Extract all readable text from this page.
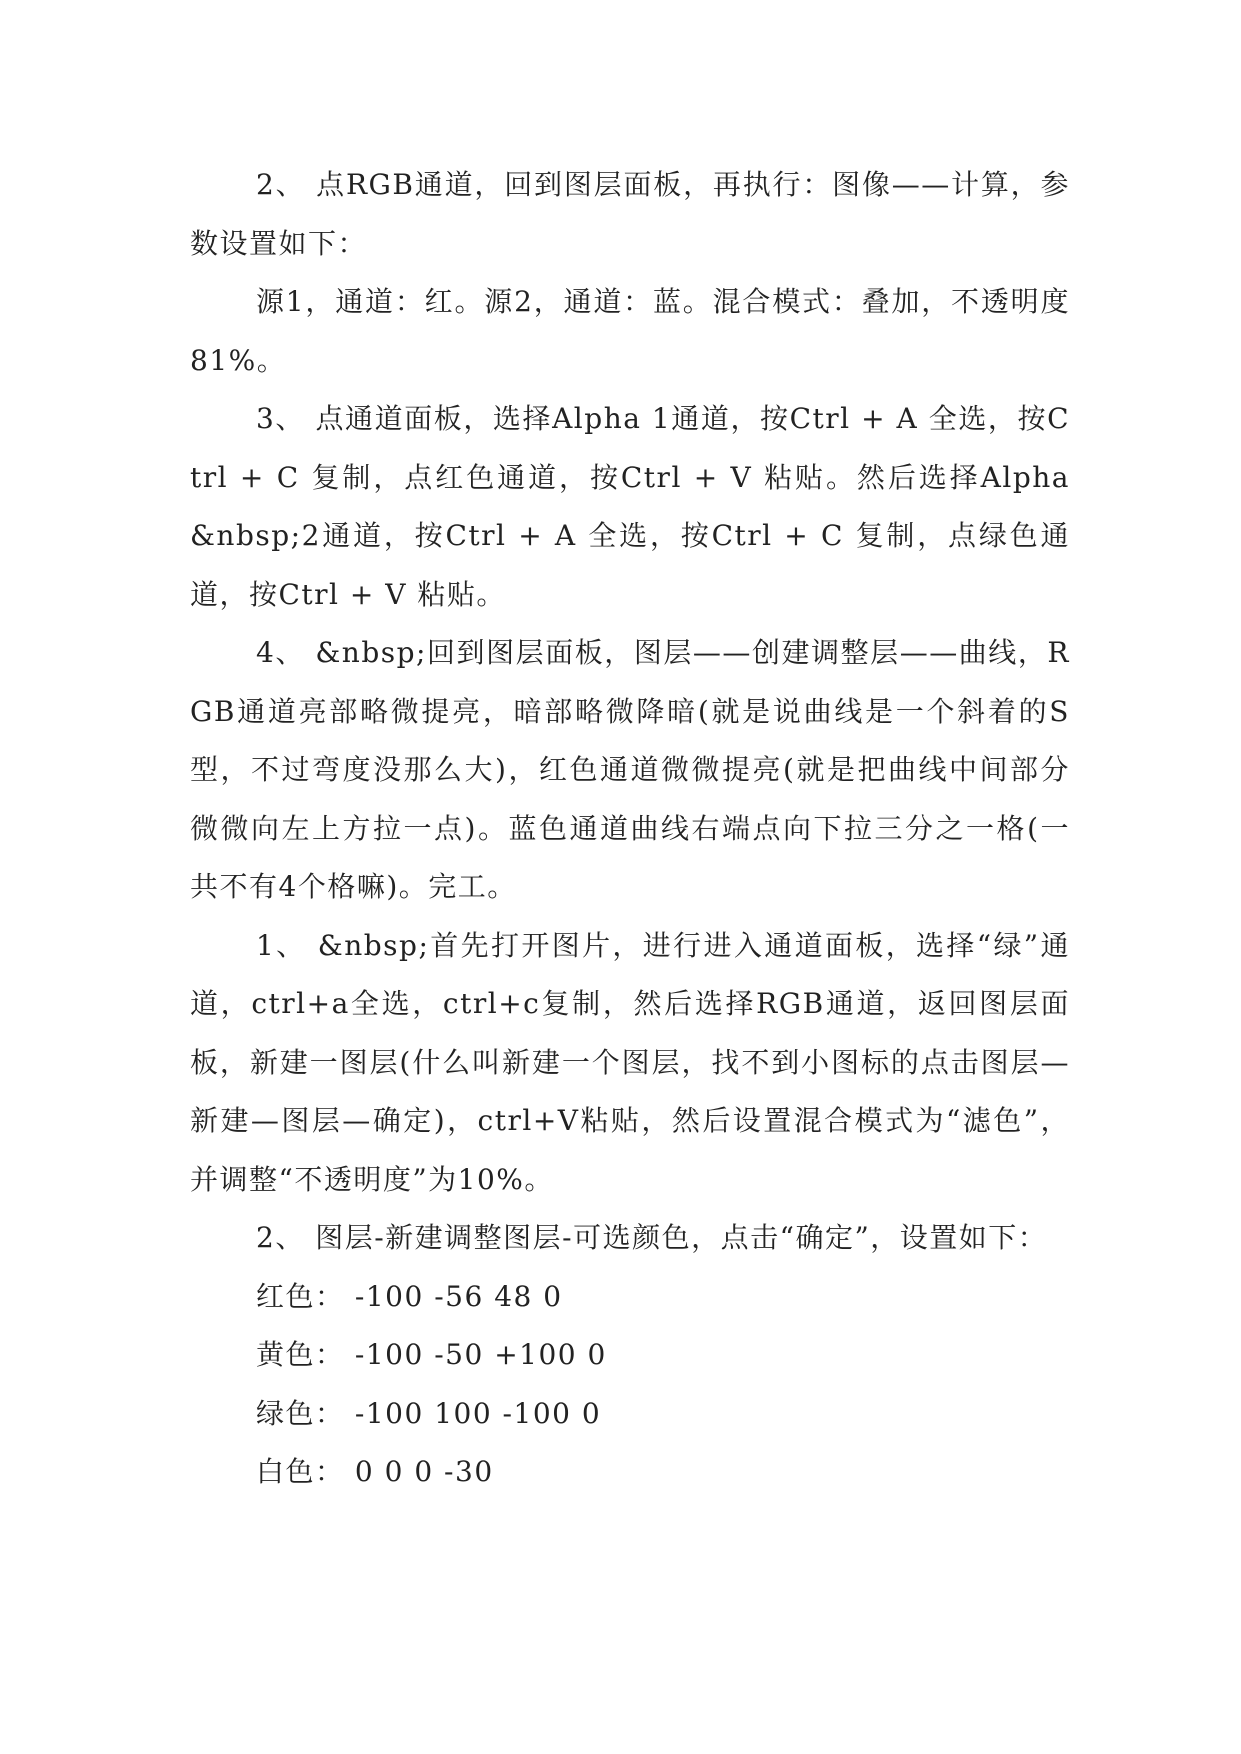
2、 点RGB通道，回到图层面板，再执行：图像——计算，参数设置如下：

源1，通道：红。源2，通道：蓝。混合模式：叠加，不透明度81%。

3、 点通道面板，选择Alpha 1通道，按Ctrl + A 全选，按Ctrl + C 复制，点红色通道，按Ctrl + V 粘贴。然后选择Alpha &nbsp;2通道，按Ctrl + A 全选，按Ctrl + C 复制，点绿色通道，按Ctrl + V 粘贴。

4、 &nbsp;回到图层面板，图层——创建调整层——曲线，RGB通道亮部略微提亮，暗部略微降暗(就是说曲线是一个斜着的S型，不过弯度没那么大)，红色通道微微提亮(就是把曲线中间部分微微向左上方拉一点)。蓝色通道曲线右端点向下拉三分之一格(一共不有4个格嘛)。完工。

1、 &nbsp;首先打开图片，进行进入通道面板，选择“绿”通道，ctrl+a全选，ctrl+c复制，然后选择RGB通道，返回图层面板，新建一图层(什么叫新建一个图层，找不到小图标的点击图层—新建—图层—确定)，ctrl+V粘贴，然后设置混合模式为“滤色”，并调整“不透明度”为10%。

2、 图层-新建调整图层-可选颜色，点击“确定”，设置如下：

红色： -100 -56 48 0

黄色： -100 -50 +100 0

绿色： -100 100 -100 0

白色： 0 0 0 -30
